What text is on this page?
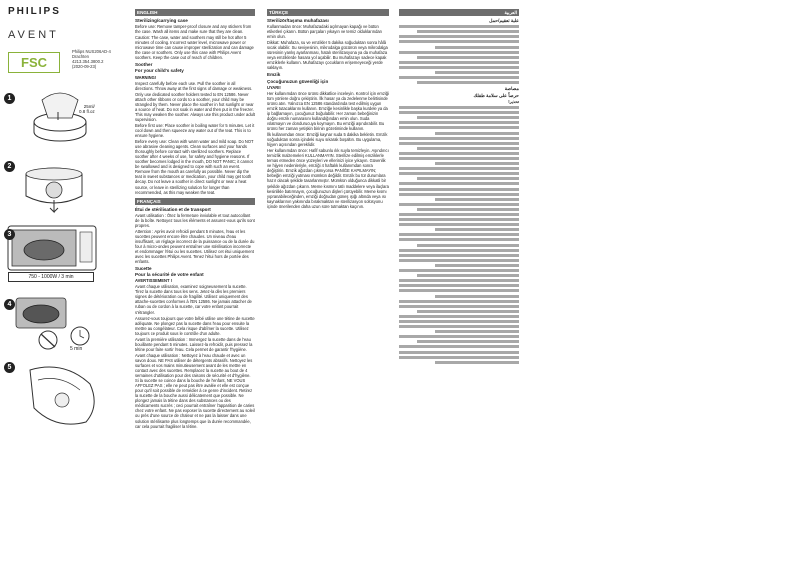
PHILIPS
AVENT
FSC
Philips NUS206AD-4
Drachten
4213.354.3800.2
(2020-09-23)
1
25ml/
0.8 fl.oz
2
3
750 - 1000W / 3 min
4
5 min
5
ENGLISH
Sterilizing/carrying case

Before use: Remove tamper-proof closure and any stickers from the case. Wash all items and make sure that they are clean.

Caution: The case, water and soothers may still be hot after 5 minutes of cooling. Incorrect water level, microwave power or microwave time can cause improper sterilization and can damage the case or soothers. Only use this case with Philips Avent soothers. Keep the case out of reach of children.

Soother
For your child's safety

WARNING!

Inspect carefully before each use. Pull the soother in all directions. Throw away at the first signs of damage or weakness.

Only use dedicated soother holders tested to EN 12586. Never attach other ribbons or cords to a soother, your child may be strangled by them. Never place the soother in hot sunlight or near a source of heat. Do not soak in water and then put in the freezer. This may weaken the soother. Always use this product under adult supervision.

Before first use: Place soother in boiling water for 5 minutes. Let it cool down and then squeeze any water out of the teat. This is to ensure hygiene.

Before every use: Clean with warm water and mild soap. Do NOT use abrasive cleaning agents. Clean surfaces and your hands thoroughly before contact with sterilized soothers. Replace soother after 4 weeks of use, for safety and hygiene reasons. If soother becomes lodged in the mouth, DO NOT PANIC; it cannot be swallowed and is designed to cope with such an event. Remove from the mouth as carefully as possible. Never dip the teat in sweet substances or medication, your child may get tooth decay. Do not leave a soother in direct sunlight or near a heat source, or leave in sterilizing solution for longer than recommended, as this may weaken the teat.

FRANÇAIS
Étui de stérilisation et de transport

Avant utilisation : Ôtez la fermeture inviolable et tout autocollant de la boîte. Nettoyez tous les éléments et assurez-vous qu'ils sont propres.

Attention : Après avoir refroidi pendant 5 minutes, l'eau et les sucettes peuvent encore être chaudes. Un niveau d'eau insuffisant, un réglage incorrect de la puissance ou de la durée du four à micro-ondes peuvent entraîner une stérilisation incorrecte et endommager l'étui ou les sucettes. Utilisez cet étui uniquement avec les sucettes Philips Avent. Tenez l'étui hors de portée des enfants.

Sucette
Pour la sécurité de votre enfant

AVERTISSEMENT !

Avant chaque utilisation, examinez soigneusement la sucette. Tirez la sucette dans tous les sens. Jetez-la dès les premiers signes de détérioration ou de fragilité. Utilisez uniquement des attache-sucettes conformes à l'EN 12586. Ne jamais attacher de ruban ou de cordon à la sucette, car votre enfant pourrait s'étrangler.

Assurez-vous toujours que votre bébé utilise une tétine de sucette adéquate. Ne plongez pas la sucette dans l'eau pour ensuite la mettre au congélateur. Cela risque d'abîmer la sucette. Utilisez toujours ce produit sous le contrôle d'un adulte.

Avant la première utilisation : Immergez la sucette dans de l'eau bouillante pendant 5 minutes. Laissez-la refroidir, puis pressez la tétine pour faire sortir l'eau. Cela permet de garantir l'hygiène.

Avant chaque utilisation : Nettoyez à l'eau chaude et avec un savon doux. NE PAS utiliser de détergents abrasifs. Nettoyez les surfaces et vos mains minutieusement avant de les mettre en contact avec des sucettes. Remplacez la sucette au bout de 4 semaines d'utilisation pour des raisons de sécurité et d'hygiène. Si la sucette se coince dans la bouche de l'enfant, NE VOUS AFFOLEZ PAS ; elle ne peut pas être avalée et elle est conçue pour qu'il soit possible de remédier à ce genre d'incident. Retirez la sucette de la bouche aussi délicatement que possible. Ne plongez jamais la tétine dans des substances ou des médicaments sucrés ; ceci pourrait entraîner l'apparition de caries chez votre enfant. Ne pas exposer la sucette directement au soleil ou près d'une source de chaleur et ne pas la laisser dans une solution stérilisante plus longtemps que la durée recommandée, car cela pourrait fragiliser la tétine.

TÜRKÇE
Sterilizör/taşıma muhafazası

Kullanmadan önce: Muhafazadaki açılmayan kapağı ve bütün etiketleri çıkarın. Bütün parçaları yıkayın ve temiz olduklarından emin olun.

Dikkat: Muhafaza, su ve emzikler 5 dakika soğuduktan sonra hâlâ sıcak olabilir. Su seviyesinin, mikrodalga gücünün veya mikrodalga süresinin yanlış ayarlanması, hatalı sterilizasyona ya da muhafaza veya emziklerde hasara yol açabilir. Bu muhafazayı sadece kapak emziklerle kullanın. Muhafazayı çocukların erişemeyeceği yerde saklayın.

Emzik
Çocuğunuzun güvenliği için

UYARI!

Her kullanımdan önce ürünü dikkatlice inceleyin. Kontrol için emziği tüm yönlere doğru çekiştirin. İlk hasar ya da zedelenme belirtisinde ürünü atın. Yalnızca EN 12586 standardında test edilmiş uygun emzik tutacaklarını kullanın. Emziğe kesinlikle başka kurdele ya da ip bağlamayın, çocuğunuz boğulabilir. Her zaman bebeğinizin doğru emzik numarasını kullandığından emin olun. Suda ıslatmayın ve dondurucuya koymayın. Bu emziği aşındırabilir. Bu ürünü her zaman yetişkin birinin gözetiminde kullanın.

İlk kullanımdan önce: Emziği kaynar suda 5 dakika bekletin. Emzik soğuduktan sonra içindeki suyu sıkarak boşaltın. Bu uygulama, hijyen açısından gereklidir.

Her kullanımdan önce: Hafif sabunlu ılık suyla temizleyin. Aşındırıcı temizlik malzemeleri KULLANMAYIN. Sterilize edilmiş emziklerle temas etmeden önce yüzeyleri ve ellerinizi iyice yıkayın. Güvenlik ve hijyen nedenleriyle, emziği 4 haftalık kullanımdan sonra değiştirin. Emzik ağızdan çıkmıyorsa PANİĞE KAPILMAYIN; bebeğin emziği yutması mümkün değildir. Emzik bu tür durumlara hazır olacak şekilde tasarlanmıştır. Mümkün olduğunca dikkatli bir şekilde ağızdan çıkarın. Meme kısmını tatlı maddelere veya ilaçlara kesinlikle batırmayın, çocuğunuzun dişleri çürüyebilir. Meme kısmı yıpranabileceğinden, emziği doğrudan güneş ışığı altında veya ısı kaynaklarının yakınında bırakmaktan ve sterilizasyon solüsyonu içinde önerilenden daha uzun süre tutmaktan kaçının.

العربية
علبة تعقيم/حمل
مصاصة
حرصاً على سلامة طفلك

تحذير!
